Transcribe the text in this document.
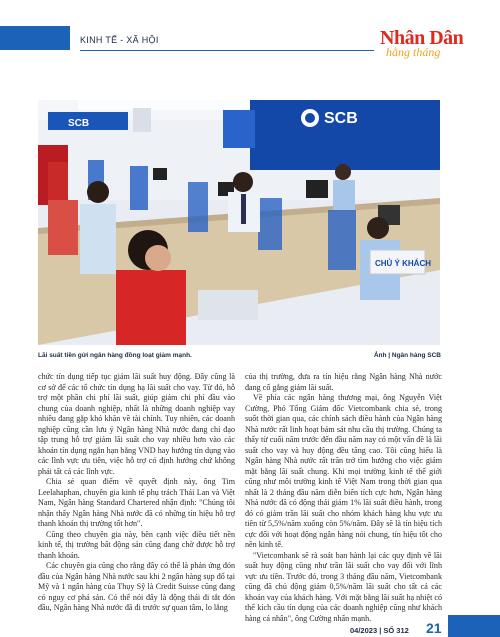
KINH TẾ - XÃ HỘI	Nhân Dân
hằng tháng
SCB
SCB
CHỦ Ý KHÁCH
Lãi suất tiền gửi ngân hàng đồng loạt giảm mạnh.	Ảnh | Ngân hàng SCB

chức tín dụng tiếp tục giảm lãi suất huy động. Đây cũng là cơ sở để các tổ chức tín dụng hạ lãi suất cho vay. Từ đó, hỗ trợ một phần chi phí lãi suất, giúp giảm chi phí đầu vào chung của doanh nghiệp, nhất là những doanh nghiệp vay nhiều đang gặp khó khăn về tài chính. Tuy nhiên, các doanh nghiệp cũng cần lưu ý Ngân hàng Nhà nước đang chỉ đạo tập trung hỗ trợ giảm lãi suất cho vay nhiều hơn vào các khoản tín dụng ngắn hạn bằng VND hay hướng tín dụng vào các lĩnh vực ưu tiên, việc hỗ trợ có định hướng chứ không phải tất cả các lĩnh vực.

Chia sẻ quan điểm về quyết định này, ông Tim Leelahaphan, chuyên gia kinh tế phụ trách Thái Lan và Việt Nam, Ngân hàng Standard Chartered nhận định: "Chúng tôi nhận thấy Ngân hàng Nhà nước đã có những tín hiệu hỗ trợ thanh khoản thị trường tốt hơn".

Cũng theo chuyên gia này, bên cạnh việc điều tiết nền kinh tế, thị trường bất động sản cũng đang chờ được hỗ trợ thanh khoản.

Các chuyên gia cũng cho rằng đây có thể là phản ứng đón đầu của Ngân hàng Nhà nước sau khi 2 ngân hàng sụp đổ tại Mỹ và 1 ngân hàng của Thụy Sỹ là Credit Suisse cũng đang có nguy cơ phá sản. Có thể nói đây là động thái đi tắt đón đầu, Ngân hàng Nhà nước đã đi trước sự quan tâm, lo lắng

của thị trường, đưa ra tín hiệu rằng Ngân hàng Nhà nước đang cố gắng giảm lãi suất.

Về phía các ngân hàng thương mại, ông Nguyễn Việt Cường, Phó Tổng Giám đốc Vietcombank chia sẻ, trong suốt thời gian qua, các chính sách điều hành của Ngân hàng Nhà nước rất linh hoạt bám sát nhu cầu thị trường. Chúng ta thấy từ cuối năm trước đến đầu năm nay có một vấn đề là lãi suất cho vay và huy động đều tăng cao. Tôi cũng hiểu là Ngân hàng Nhà nước rất trăn trở tìm hướng cho việc giảm mặt bằng lãi suất chung. Khi mọi trường kinh tế thế giới cũng như môi trường kinh tế Việt Nam trong thời gian qua nhất là 2 tháng đầu năm diễn biến tích cực hơn, Ngân hàng Nhà nước đã có động thái giảm 1% lãi suất điều hành, trong đó có giảm trần lãi suất cho nhóm khách hàng khu vực ưu tiên từ 5,5%/năm xuống còn 5%/năm. Đây sẽ là tín hiệu tích cực đối với hoạt động ngân hàng nói chung, tín hiệu tốt cho nền kinh tế.

"Vietcombank sẽ rà soát ban hành lại các quy định về lãi suất huy động cũng như trần lãi suất cho vay đối với lĩnh vực ưu tiên. Trước đó, trong 3 tháng đầu năm, Vietcombank cũng đã chủ động giảm 0,5%/năm lãi suất cho tất cả các khoản vay của khách hàng. Với mặt bằng lãi suất hạ nhiệt có thể kích cầu tín dụng của các doanh nghiệp cũng như khách hàng cá nhân", ông Cường nhấn mạnh.

04/2023 | SỐ 312 21
